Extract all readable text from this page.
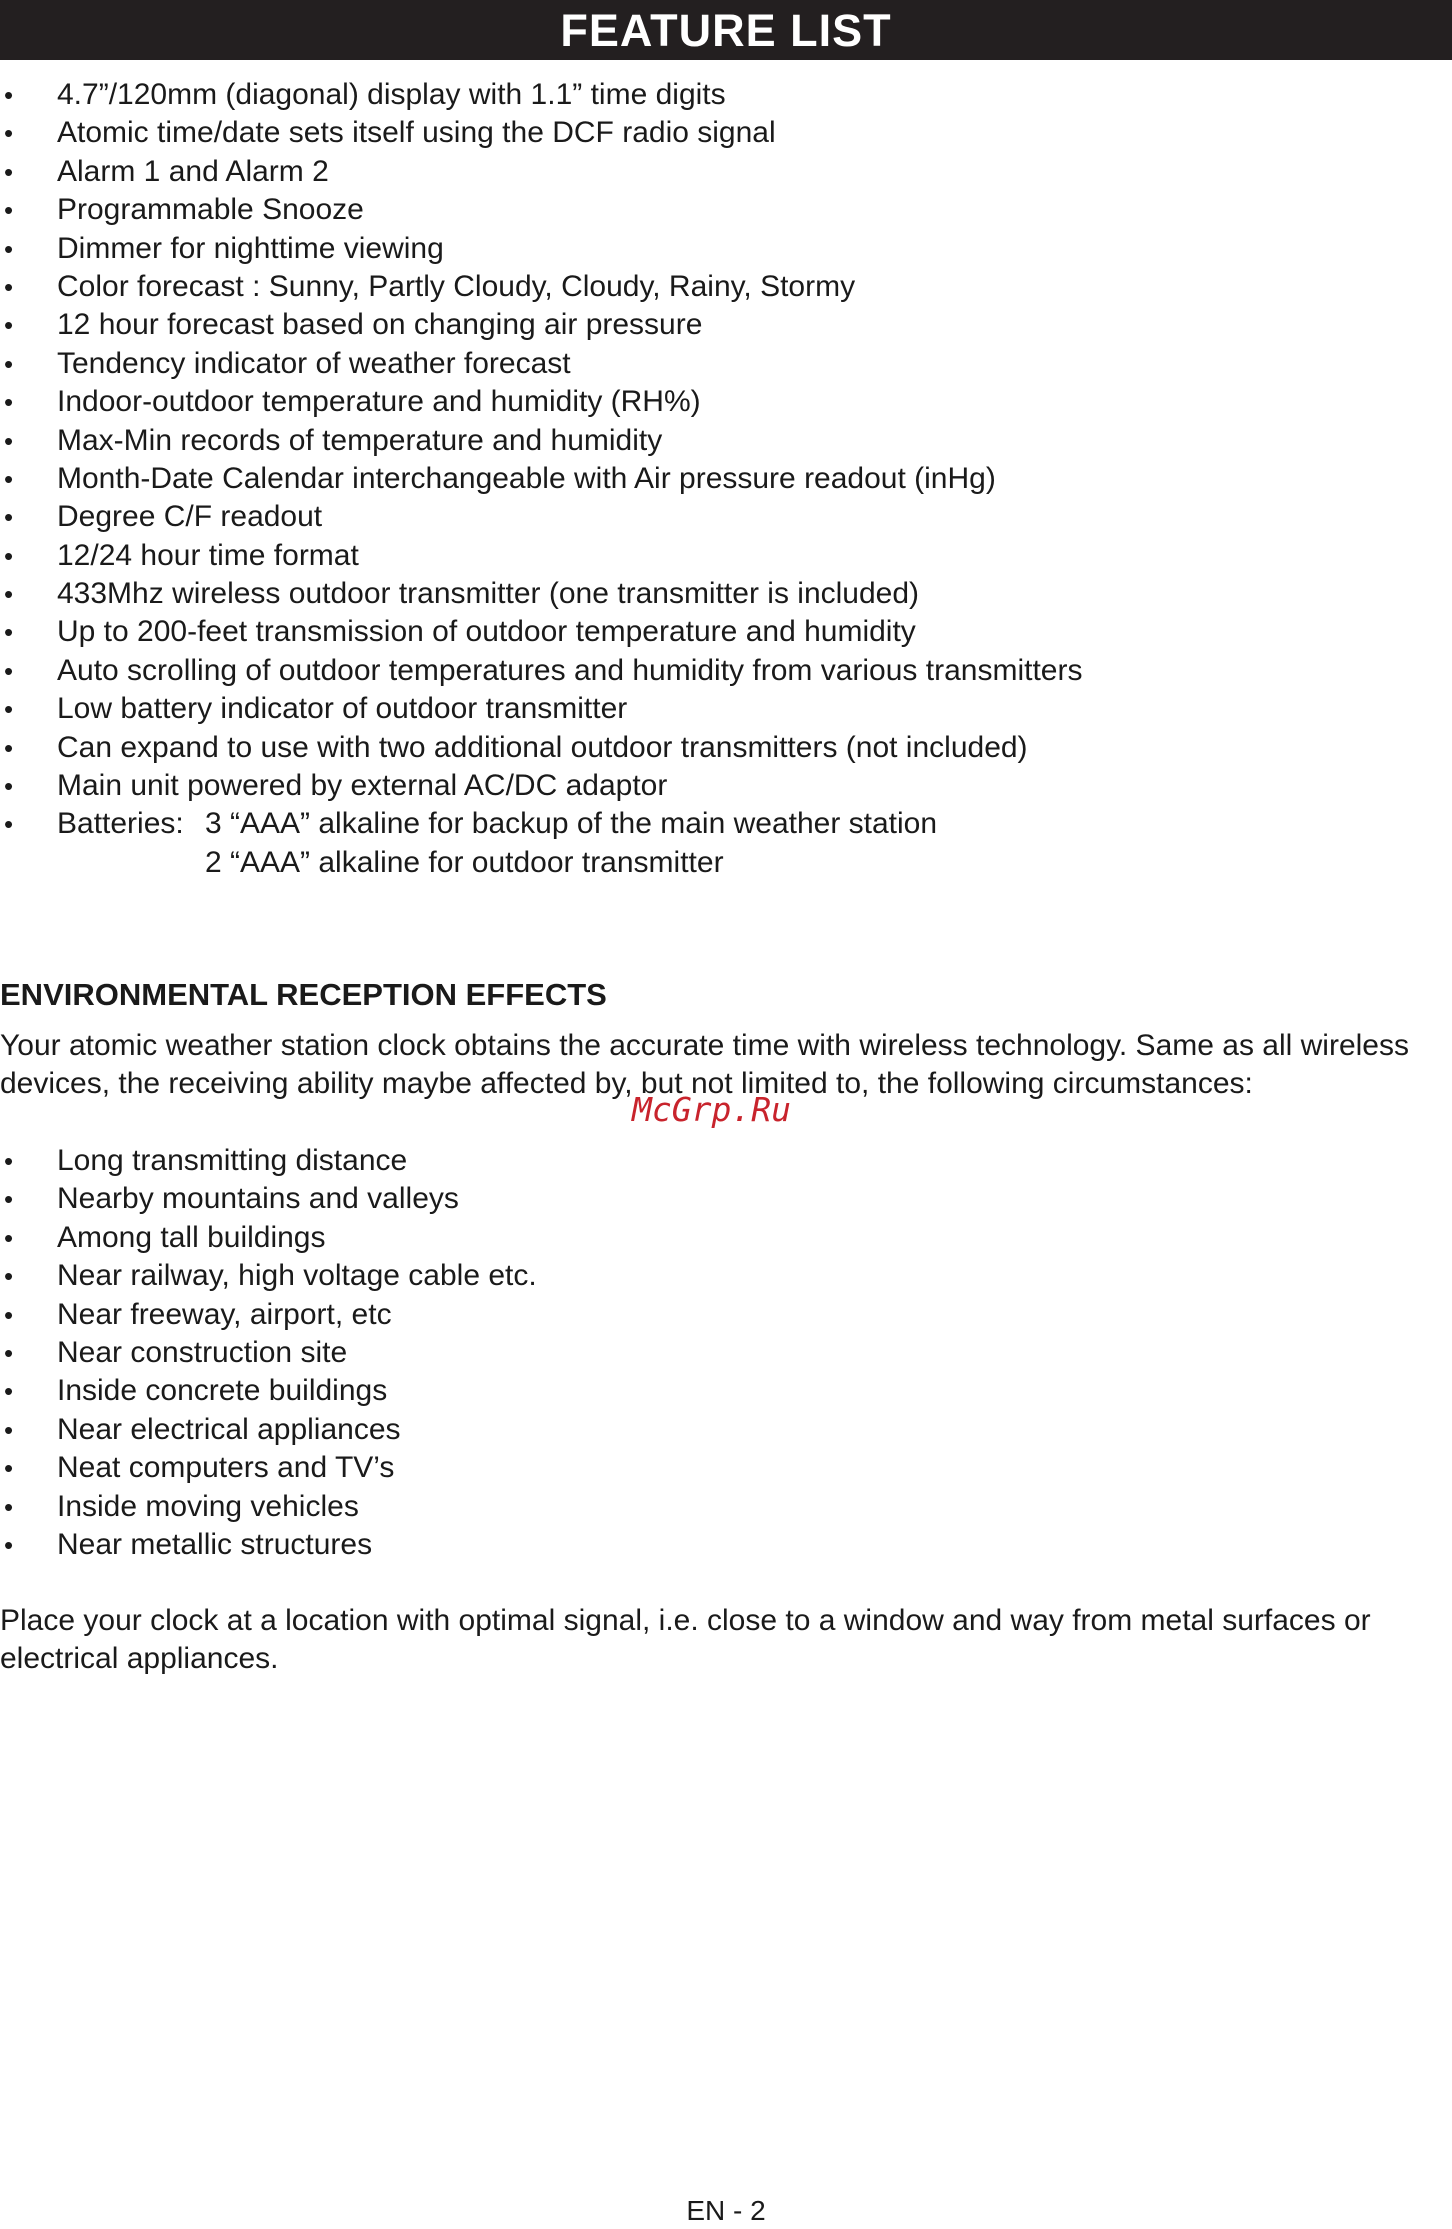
FEATURE LIST
• 4.7”/120mm (diagonal) display with 1.1” time digits
• Atomic time/date sets itself using the DCF radio signal
• Alarm 1 and Alarm 2
• Programmable Snooze
• Dimmer for nighttime viewing
• Color forecast : Sunny, Partly Cloudy, Cloudy, Rainy, Stormy
• 12 hour forecast based on changing air pressure
• Tendency indicator of weather forecast
• Indoor-outdoor temperature and humidity (RH%)
• Max-Min records of temperature and humidity
• Month-Date Calendar interchangeable with Air pressure readout (inHg)
• Degree C/F readout
• 12/24 hour time format
• 433Mhz wireless outdoor transmitter (one transmitter is included)
• Up to 200-feet transmission of outdoor temperature and humidity
• Auto scrolling of outdoor temperatures and humidity from various transmitters
• Low battery indicator of outdoor transmitter
• Can expand to use with two additional outdoor transmitters (not included)
• Main unit powered by external AC/DC adaptor
• Batteries: 3 “AAA” alkaline for backup of the main weather station
2 “AAA” alkaline for outdoor transmitter
ENVIRONMENTAL RECEPTION EFFECTS

Your atomic weather station clock obtains the accurate time with wireless technology. Same as all wireless devices, the receiving ability maybe affected by, but not limited to, the following circumstances:

McGrp.Ru
• Long transmitting distance
• Nearby mountains and valleys
• Among tall buildings
• Near railway, high voltage cable etc.
• Near freeway, airport, etc
• Near construction site
• Inside concrete buildings
• Near electrical appliances
• Neat computers and TV’s
• Inside moving vehicles
• Near metallic structures

Place your clock at a location with optimal signal, i.e. close to a window and way from metal surfaces or electrical appliances.

EN - 2
